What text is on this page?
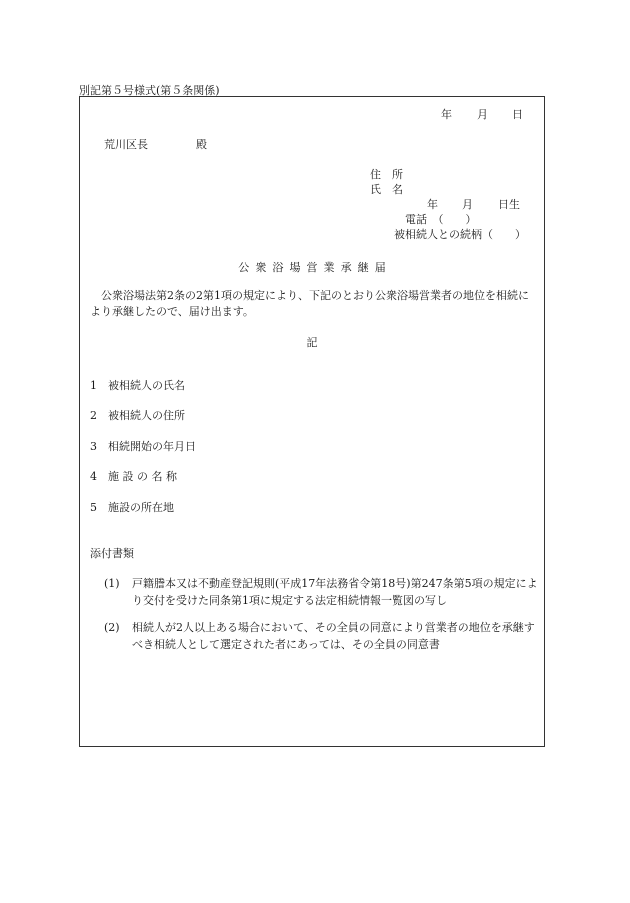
別記第５号様式(第５条関係)
年 月 日
荒川区長	殿
住　所
氏　名
年 月 日生
電話　（　　）
被相続人との続柄（　　）
公衆浴場営業承継届
公衆浴場法第2条の2第1項の規定により、下記のとおり公衆浴場営業者の地位を相続により承継したので、届け出ます。
記
1 被相続人の氏名
2 被相続人の住所
3 相続開始の年月日
4 施 設 の 名 称
5 施設の所在地
添付書類
(1)	戸籍謄本又は不動産登記規則(平成17年法務省令第18号)第247条第5項の規定により交付を受けた同条第1項に規定する法定相続情報一覧図の写し
(2)	相続人が2人以上ある場合において、その全員の同意により営業者の地位を承継すべき相続人として選定された者にあっては、その全員の同意書
